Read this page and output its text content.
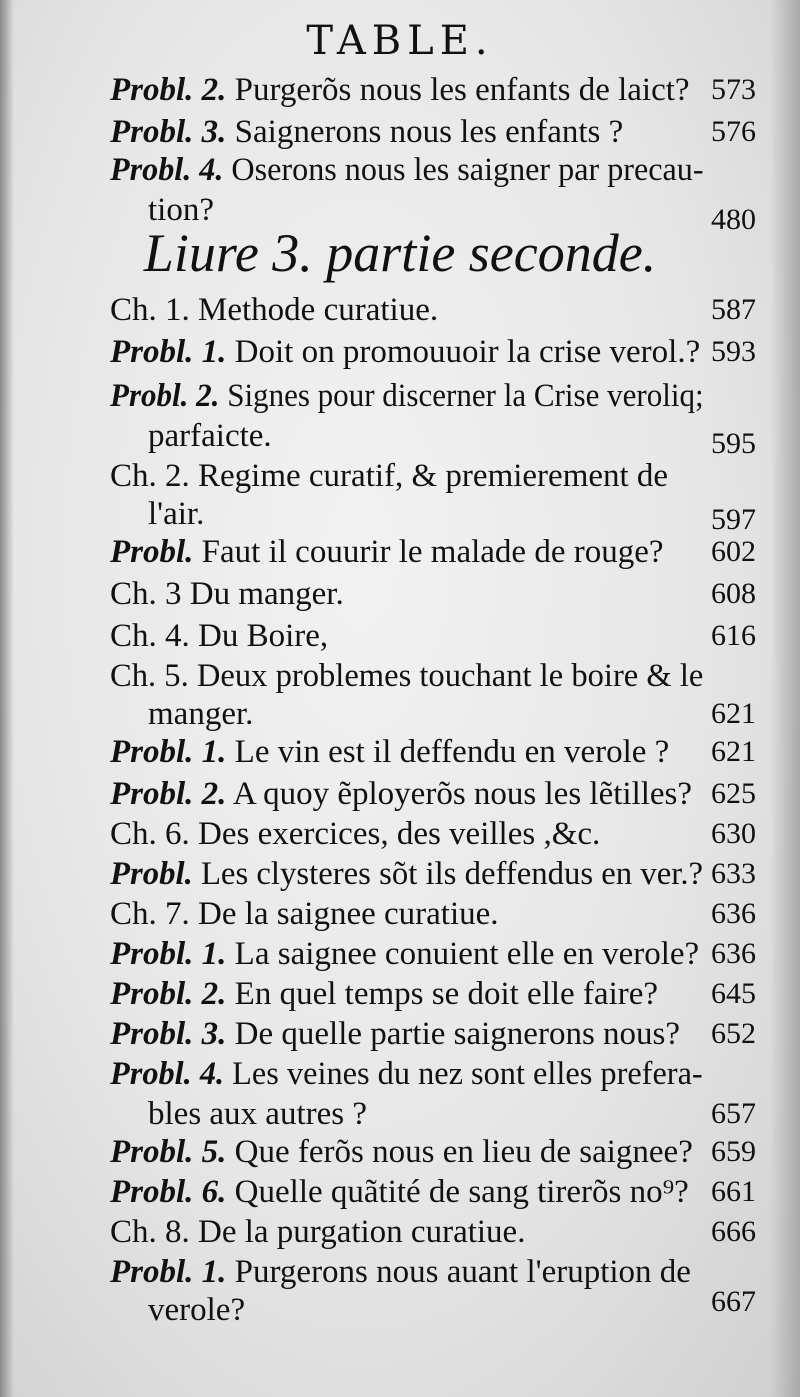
TABLE.
Probl. 2. Purgerõs nous les enfants de laict? 573
Probl. 3. Saignerons nous les enfants ?	576
Probl. 4. Oserons nous les saigner par precau-
tion?	480
Ch. 1. Methode curatiue.	587
Probl. 1. Doit on promouuoir la crise verol.? 593
Probl. 2. Signes pour discerner la Crise veroliq;
parfaicte.	595
Ch. 2. Regime curatif, & premierement de
l'air.	597
Probl. Faut il couurir le malade de rouge? 602
Ch. 3 Du manger.	608
Ch. 4. Du Boire,	616
Ch. 5. Deux problemes touchant le boire & le
manger.	621
Probl. 1. Le vin est il deffendu en verole ? 621
Probl. 2. A quoy ẽployerõs nous les lẽtilles? 625
Ch. 6. Des exercices, des veilles ,&c.	630
Probl. Les clysteres sõt ils deffendus en ver.? 633
Ch. 7. De la saignee curatiue.	636
Probl. 1. La saignee conuient elle en verole? 636
Probl. 2. En quel temps se doit elle faire? 645
Probl. 3. De quelle partie saignerons nous? 652
Probl. 4. Les veines du nez sont elles prefera-
bles aux autres ?	657
Probl. 5. Que ferõs nous en lieu de saignee? 659
Probl. 6. Quelle quãtité de sang tirerõs no⁹? 661
Ch. 8. De la purgation curatiue.	666
Probl. 1. Purgerons nous auant l'eruption de
verole?	667
Liure 3. partie seconde.
